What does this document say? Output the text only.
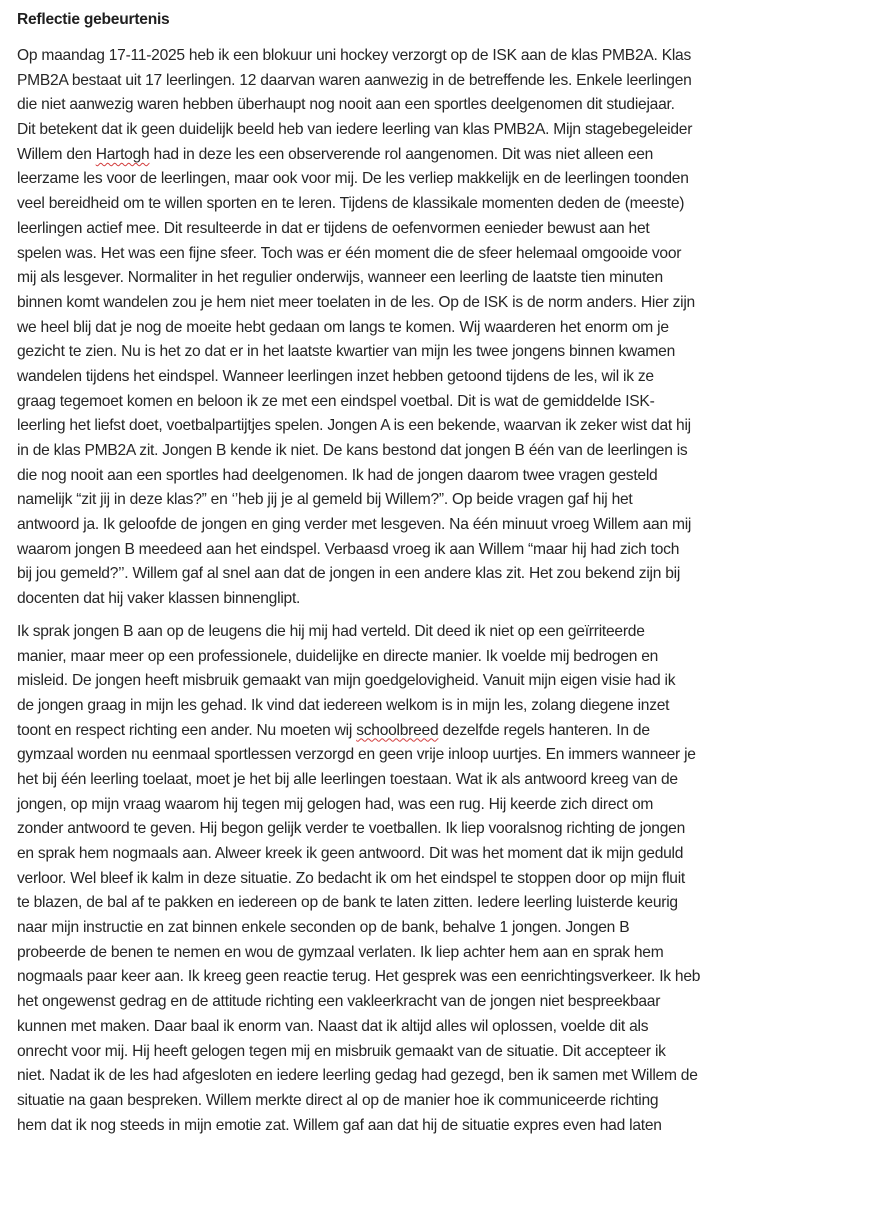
Reflectie gebeurtenis
Op maandag 17-11-2025 heb ik een blokuur uni hockey verzorgt op de ISK aan de klas PMB2A. Klas
PMB2A bestaat uit 17 leerlingen. 12 daarvan waren aanwezig in de betreffende les. Enkele leerlingen
die niet aanwezig waren hebben überhaupt nog nooit aan een sportles deelgenomen dit studiejaar.
Dit betekent dat ik geen duidelijk beeld heb van iedere leerling van klas PMB2A. Mijn stagebegeleider
Willem den Hartogh had in deze les een observerende rol aangenomen. Dit was niet alleen een
leerzame les voor de leerlingen, maar ook voor mij. De les verliep makkelijk en de leerlingen toonden
veel bereidheid om te willen sporten en te leren. Tijdens de klassikale momenten deden de (meeste)
leerlingen actief mee. Dit resulteerde in dat er tijdens de oefenvormen eenieder bewust aan het
spelen was. Het was een fijne sfeer. Toch was er één moment die de sfeer helemaal omgooide voor
mij als lesgever. Normaliter in het regulier onderwijs, wanneer een leerling de laatste tien minuten
binnen komt wandelen zou je hem niet meer toelaten in de les. Op de ISK is de norm anders. Hier zijn
we heel blij dat je nog de moeite hebt gedaan om langs te komen. Wij waarderen het enorm om je
gezicht te zien. Nu is het zo dat er in het laatste kwartier van mijn les twee jongens binnen kwamen
wandelen tijdens het eindspel. Wanneer leerlingen inzet hebben getoond tijdens de les, wil ik ze
graag tegemoet komen en beloon ik ze met een eindspel voetbal. Dit is wat de gemiddelde ISK-
leerling het liefst doet, voetbalpartijtjes spelen. Jongen A is een bekende, waarvan ik zeker wist dat hij
in de klas PMB2A zit. Jongen B kende ik niet. De kans bestond dat jongen B één van de leerlingen is
die nog nooit aan een sportles had deelgenomen. Ik had de jongen daarom twee vragen gesteld
namelijk “zit jij in deze klas?” en ‘’heb jij je al gemeld bij Willem?”. Op beide vragen gaf hij het
antwoord ja. Ik geloofde de jongen en ging verder met lesgeven. Na één minuut vroeg Willem aan mij
waarom jongen B meedeed aan het eindspel. Verbaasd vroeg ik aan Willem “maar hij had zich toch
bij jou gemeld?’’. Willem gaf al snel aan dat de jongen in een andere klas zit. Het zou bekend zijn bij
docenten dat hij vaker klassen binnenglipt.
Ik sprak jongen B aan op de leugens die hij mij had verteld. Dit deed ik niet op een geïrriteerde
manier, maar meer op een professionele, duidelijke en directe manier. Ik voelde mij bedrogen en
misleid. De jongen heeft misbruik gemaakt van mijn goedgelovigheid. Vanuit mijn eigen visie had ik
de jongen graag in mijn les gehad. Ik vind dat iedereen welkom is in mijn les, zolang diegene inzet
toont en respect richting een ander. Nu moeten wij schoolbreed dezelfde regels hanteren. In de
gymzaal worden nu eenmaal sportlessen verzorgd en geen vrije inloop uurtjes. En immers wanneer je
het bij één leerling toelaat, moet je het bij alle leerlingen toestaan. Wat ik als antwoord kreeg van de
jongen, op mijn vraag waarom hij tegen mij gelogen had, was een rug. Hij keerde zich direct om
zonder antwoord te geven. Hij begon gelijk verder te voetballen. Ik liep vooralsnog richting de jongen
en sprak hem nogmaals aan. Alweer kreek ik geen antwoord. Dit was het moment dat ik mijn geduld
verloor. Wel bleef ik kalm in deze situatie. Zo bedacht ik om het eindspel te stoppen door op mijn fluit
te blazen, de bal af te pakken en iedereen op de bank te laten zitten. Iedere leerling luisterde keurig
naar mijn instructie en zat binnen enkele seconden op de bank, behalve 1 jongen. Jongen B
probeerde de benen te nemen en wou de gymzaal verlaten. Ik liep achter hem aan en sprak hem
nogmaals paar keer aan. Ik kreeg geen reactie terug. Het gesprek was een eenrichtingsverkeer. Ik heb
het ongewenst gedrag en de attitude richting een vakleerkracht van de jongen niet bespreekbaar
kunnen met maken. Daar baal ik enorm van. Naast dat ik altijd alles wil oplossen, voelde dit als
onrecht voor mij. Hij heeft gelogen tegen mij en misbruik gemaakt van de situatie. Dit accepteer ik
niet. Nadat ik de les had afgesloten en iedere leerling gedag had gezegd, ben ik samen met Willem de
situatie na gaan bespreken. Willem merkte direct al op de manier hoe ik communiceerde richting
hem dat ik nog steeds in mijn emotie zat. Willem gaf aan dat hij de situatie expres even had laten
